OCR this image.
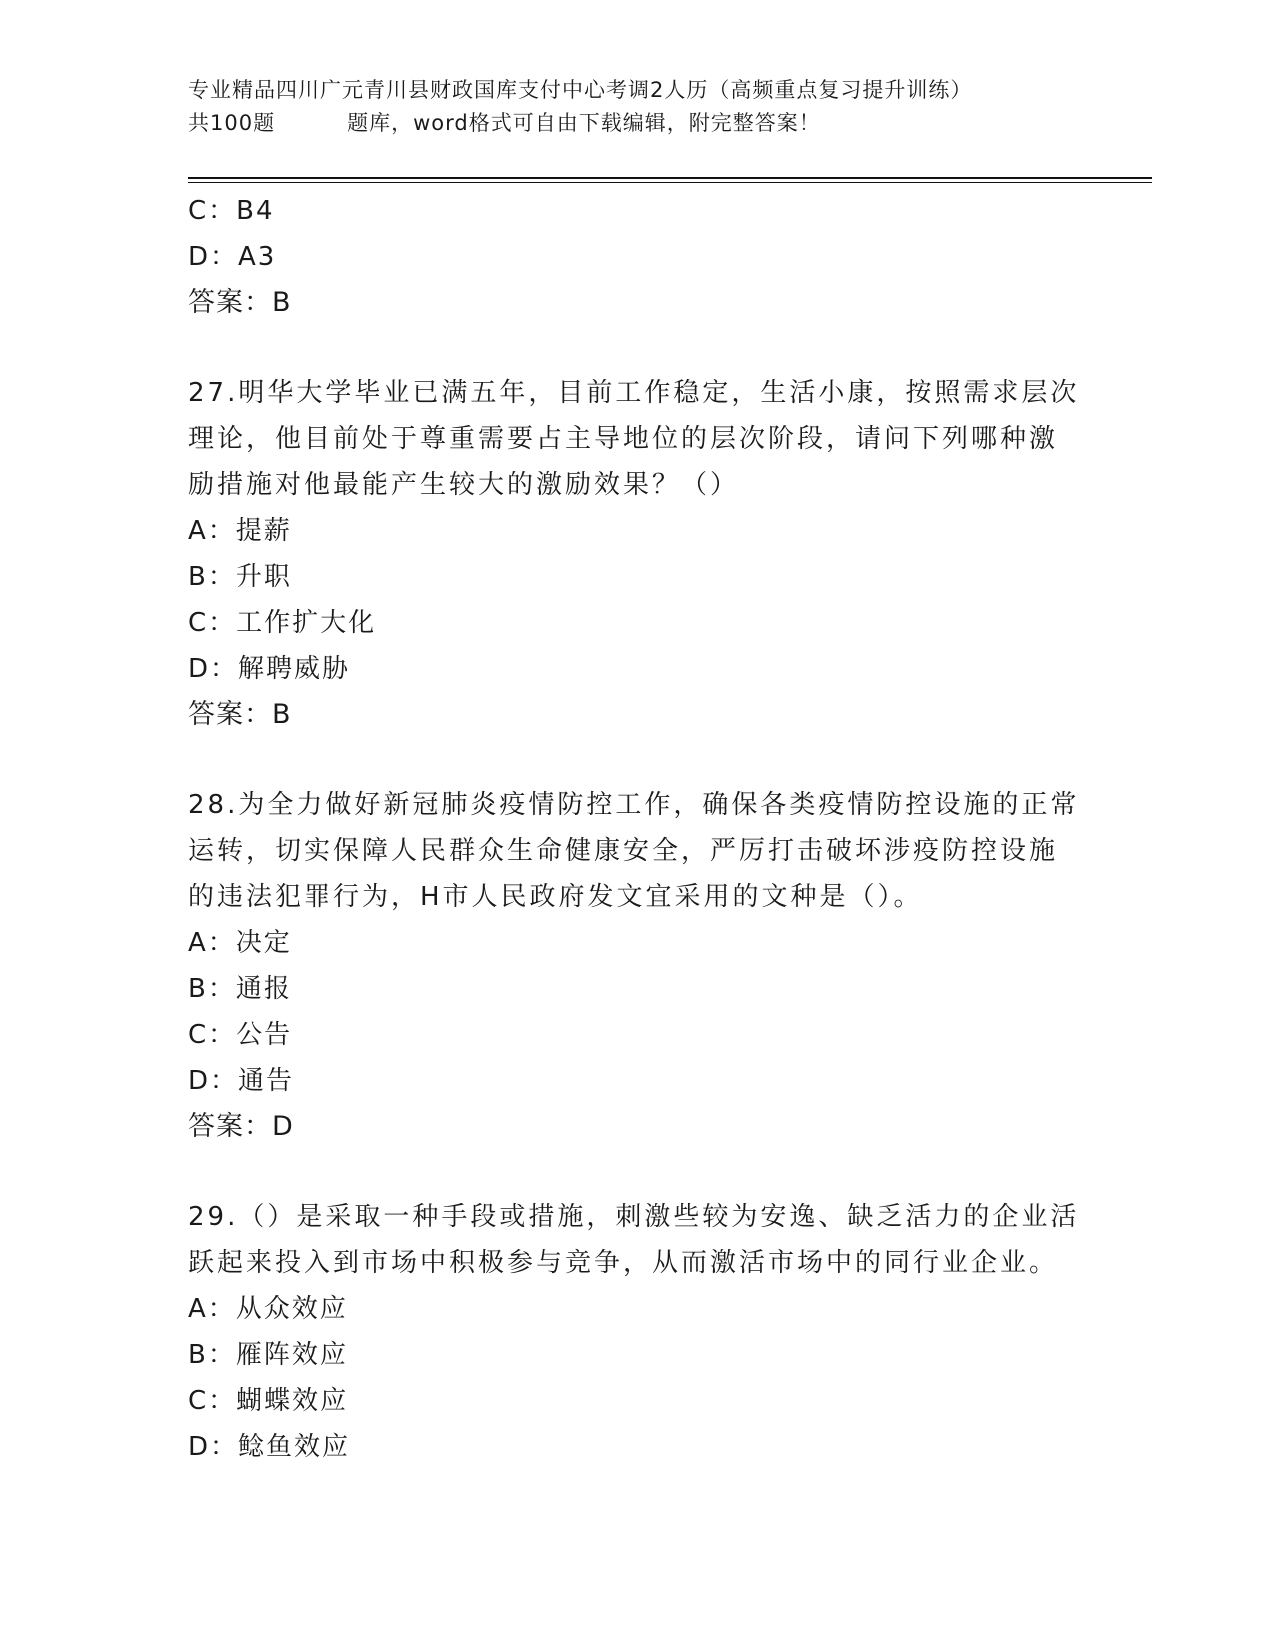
专业精品四川广元青川县财政国库支付中心考调2人历（高频重点复习提升训练）
共100题	题库，word格式可自由下载编辑，附完整答案！
C：B4
D：A3
答案：B
27.明华大学毕业已满五年，目前工作稳定，生活小康，按照需求层次
理论，他目前处于尊重需要占主导地位的层次阶段，请问下列哪种激
励措施对他最能产生较大的激励效果？（）
A：提薪
B：升职
C：工作扩大化
D：解聘威胁
答案：B
28.为全力做好新冠肺炎疫情防控工作，确保各类疫情防控设施的正常
运转，切实保障人民群众生命健康安全，严厉打击破坏涉疫防控设施
的违法犯罪行为，H市人民政府发文宜采用的文种是（）。
A：决定
B：通报
C：公告
D：通告
答案：D
29.（）是采取一种手段或措施，刺激些较为安逸、缺乏活力的企业活
跃起来投入到市场中积极参与竞争，从而激活市场中的同行业企业。
A：从众效应
B：雁阵效应
C：蝴蝶效应
D：鲶鱼效应
